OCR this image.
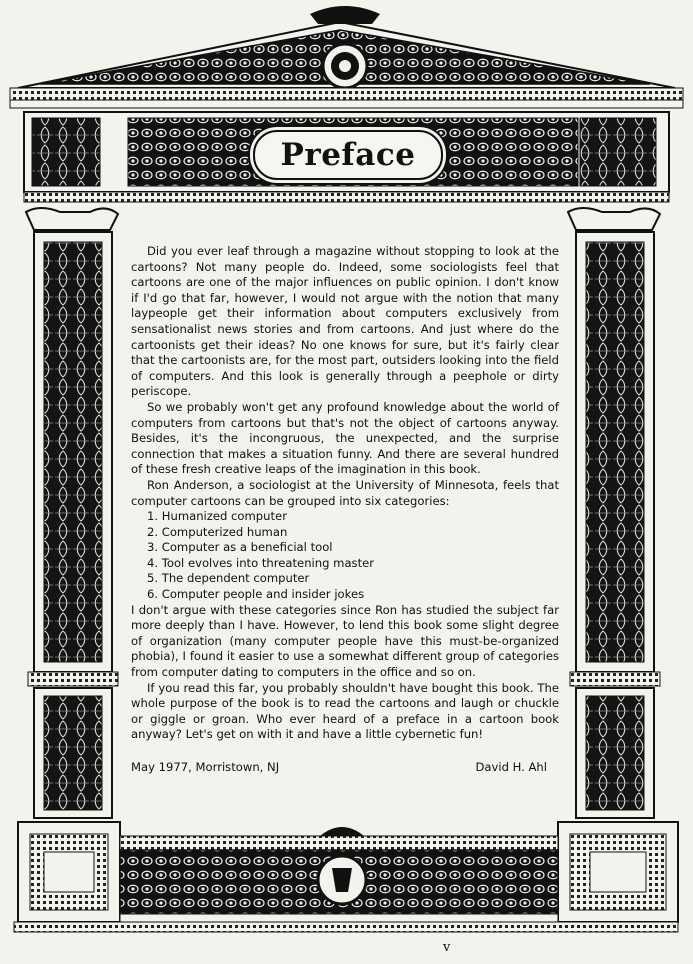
Preface

Did you ever leaf through a magazine without stopping to look at the cartoons? Not many people do. Indeed, some sociologists feel that cartoons are one of the major influences on public opinion. I don't know if I'd go that far, however, I would not argue with the notion that many laypeople get their information about computers exclusively from sensationalist news stories and from cartoons. And just where do the cartoonists get their ideas? No one knows for sure, but it's fairly clear that the cartoonists are, for the most part, outsiders looking into the field of computers. And this look is generally through a peephole or dirty periscope.

So we probably won't get any profound knowledge about the world of computers from cartoons but that's not the object of cartoons anyway. Besides, it's the incongruous, the unexpected, and the surprise connection that makes a situation funny. And there are several hundred of these fresh creative leaps of the imagination in this book.

Ron Anderson, a sociologist at the University of Minnesota, feels that computer cartoons can be grouped into six categories:

1. Humanized computer
2. Computerized human
3. Computer as a beneficial tool
4. Tool evolves into threatening master
5. The dependent computer
6. Computer people and insider jokes

I don't argue with these categories since Ron has studied the subject far more deeply than I have. However, to lend this book some slight degree of organization (many computer people have this must-be-organized phobia), I found it easier to use a somewhat different group of categories from computer dating to computers in the office and so on.

If you read this far, you probably shouldn't have bought this book. The whole purpose of the book is to read the cartoons and laugh or chuckle or giggle or groan. Who ever heard of a preface in a cartoon book anyway? Let's get on with it and have a little cybernetic fun!

May 1977, Morristown, NJ	David H. Ahl
v
